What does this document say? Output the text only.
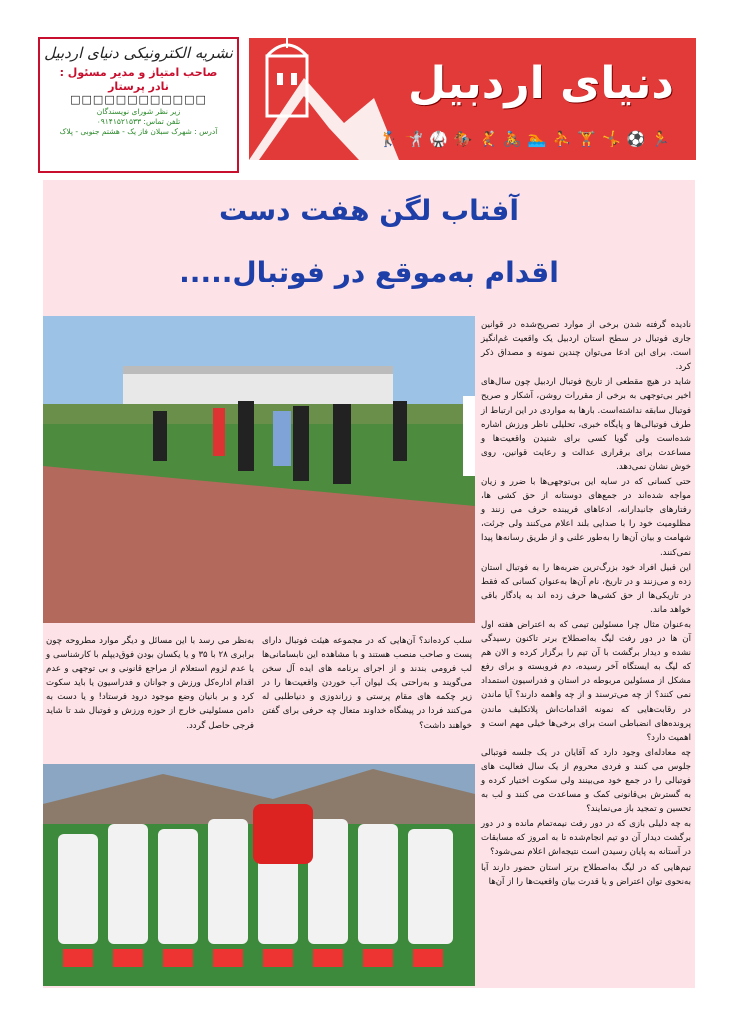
نشریه الکترونیکی دنیای اردبیل
صاحب امتیاز و مدیر مسئول :
نادر پرستار
□□□□□□□□□□□□
زیر نظر شورای نویسندگان
تلفن تماس: ۰۹۱۴۱۵۲۱۵۳۳
آدرس : شهرک سبلان فاز یک - هشتم جنوبی - پلاک
دنیای اردبیل
🏃⚽🤸🏋⛹🏊🚴🤾🏇🥋🤺🏌
آفتاب لگن هفت دست
اقدام به‌موقع در فوتبال.....

نادیده گرفته شدن برخی از موارد تصریح‌شده در قوانین جاری فوتبال در سطح استان اردبیل یک واقعیت غم‌انگیز است. برای این ادعا می‌توان چندین نمونه و مصداق ذکر کرد.

شاید در هیچ مقطعی از تاریخ فوتبال اردبیل چون سال‌های اخیر بی‌توجهی به برخی از مقررات روشن، آشکار و صریح فوتبال سابقه نداشته‌است. بارها به مواردی در این ارتباط از طرف فوتبالی‌ها و پایگاه خبری، تحلیلی ناظر ورزش اشاره شده‌است ولی گویا کسی برای شنیدن واقعیت‌ها و مساعدت برای برقراری عدالت و رعایت قوانین، روی خوش نشان نمی‌دهد.

حتی کسانی که در سایه این بی‌توجهی‌ها با ضرر و زیان مواجه شده‌اند در جمع‌های دوستانه از حق کشی ها، رفتارهای جانبدارانه، ادعاهای فریبنده حرف می زنند و مظلومیت خود را با صدایی بلند اعلام می‌کنند ولی جرئت، شهامت و بیان آن‌ها را به‌طور علنی و از طریق رسانه‌ها پیدا نمی‌کنند.

این قبیل افراد خود بزرگ‌ترین ضربه‌ها را به فوتبال استان زده و می‌زنند و در تاریخ، نام آن‌ها به‌عنوان کسانی که فقط در تاریکی‌ها از حق کشی‌ها حرف زده اند به یادگار باقی خواهد ماند.

به‌عنوان مثال چرا مسئولین تیمی که به اعتراض هفته اول آن ها در دور رفت لیگ به‌اصطلاح برتر تاکنون رسیدگی نشده و دیدار برگشت با آن تیم را برگزار کرده و الان هم که لیگ به ایستگاه آخر رسیده، دم فروبسته و برای رفع مشکل از مسئولین مربوطه در استان و فدراسیون استمداد نمی کنند؟ از چه می‌ترسند و از چه واهمه دارند؟ آیا ماندن در رقابت‌هایی که نمونه اقدامات‌اش پلاتکلیف ماندن پرونده‌های انضباطی است برای برخی‌ها خیلی مهم است و اهمیت دارد؟

چه معادله‌ای وجود دارد که آقایان در یک جلسه فوتبالی جلوس می کنند و فردی محروم از یک سال فعالیت های فوتبالی را در جمع خود می‌بینند ولی سکوت اختیار کرده و به گسترش بی‌قانونی کمک و مساعدت می کنند و لب به تحسین و تمجید باز می‌نمایند؟

به چه دلیلی بازی که در دور رفت نیمه‌تمام مانده و در دور برگشت دیدار آن دو تیم انجام‌شده تا به امروز که مسابقات در آستانه به پایان رسیدن است نتیجه‌اش اعلام نمی‌شود؟

تیم‌هایی که در لیگ به‌اصطلاح برتر استان حضور دارند آیا به‌نحوی توان اعتراض و یا قدرت بیان واقعیت‌ها را از آن‌ها

سلب کرده‌اند؟ آن‌هایی که در مجموعه هیئت فوتبال دارای پست و صاحب منصب هستند و با مشاهده این نابسامانی‌ها لب فرومی بندند و از اجرای برنامه های ایده آل سخن می‌گویند و به‌راحتی یک لیوان آب خوردن واقعیت‌ها را در زیر چکمه های مقام پرستی و زراندوزی و دنیاطلبی له می‌کنند فردا در پیشگاه خداوند متعال چه حرفی برای گفتن خواهند داشت؟
به‌نظر می رسد با این مسائل و دیگر موارد مطروحه چون برابری ۲۸ با ۳۵ و یا یکسان بودن فوق‌دیپلم با کارشناسی و یا عدم لزوم استعلام از مراجع قانونی و بی توجهی و عدم اقدام اداره‌کل ورزش و جوانان و فدراسیون یا باید سکوت کرد و بر بانیان وضع موجود درود فرستاد! و یا دست به دامن مسئولینی خارج از حوزه ورزش و فوتبال شد تا شاید فرجی حاصل گردد.
